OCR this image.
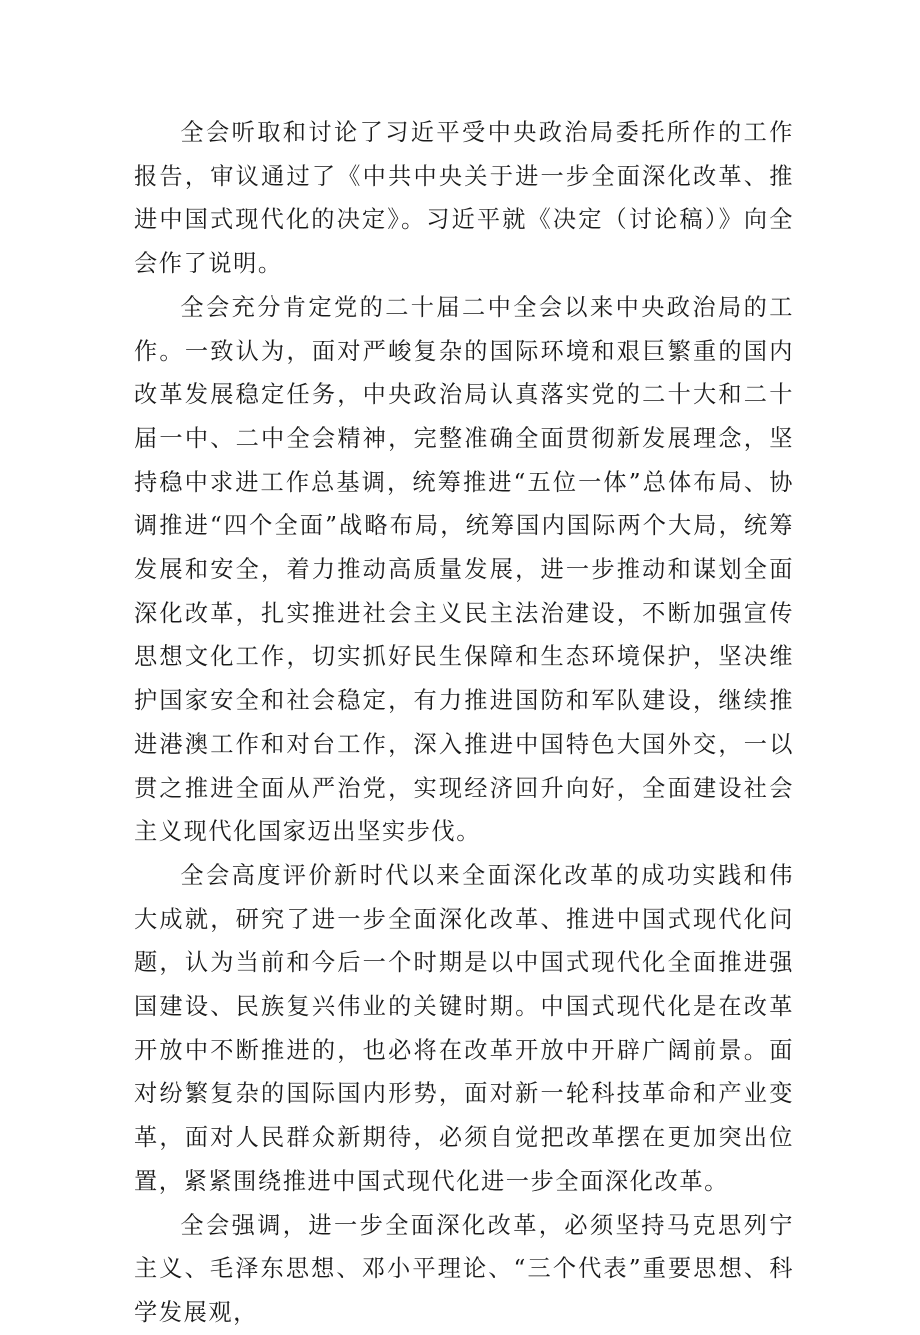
全会听取和讨论了习近平受中央政治局委托所作的工作报告，审议通过了《中共中央关于进一步全面深化改革、推进中国式现代化的决定》。习近平就《决定（讨论稿）》向全会作了说明。

全会充分肯定党的二十届二中全会以来中央政治局的工作。一致认为，面对严峻复杂的国际环境和艰巨繁重的国内改革发展稳定任务，中央政治局认真落实党的二十大和二十届一中、二中全会精神，完整准确全面贯彻新发展理念，坚持稳中求进工作总基调，统筹推进“五位一体”总体布局、协调推进“四个全面”战略布局，统筹国内国际两个大局，统筹发展和安全，着力推动高质量发展，进一步推动和谋划全面深化改革，扎实推进社会主义民主法治建设，不断加强宣传思想文化工作，切实抓好民生保障和生态环境保护，坚决维护国家安全和社会稳定，有力推进国防和军队建设，继续推进港澳工作和对台工作，深入推进中国特色大国外交，一以贯之推进全面从严治党，实现经济回升向好，全面建设社会主义现代化国家迈出坚实步伐。

全会高度评价新时代以来全面深化改革的成功实践和伟大成就，研究了进一步全面深化改革、推进中国式现代化问题，认为当前和今后一个时期是以中国式现代化全面推进强国建设、民族复兴伟业的关键时期。中国式现代化是在改革开放中不断推进的，也必将在改革开放中开辟广阔前景。面对纷繁复杂的国际国内形势，面对新一轮科技革命和产业变革，面对人民群众新期待，必须自觉把改革摆在更加突出位置，紧紧围绕推进中国式现代化进一步全面深化改革。

全会强调，进一步全面深化改革，必须坚持马克思列宁主义、毛泽东思想、邓小平理论、“三个代表”重要思想、科学发展观，
